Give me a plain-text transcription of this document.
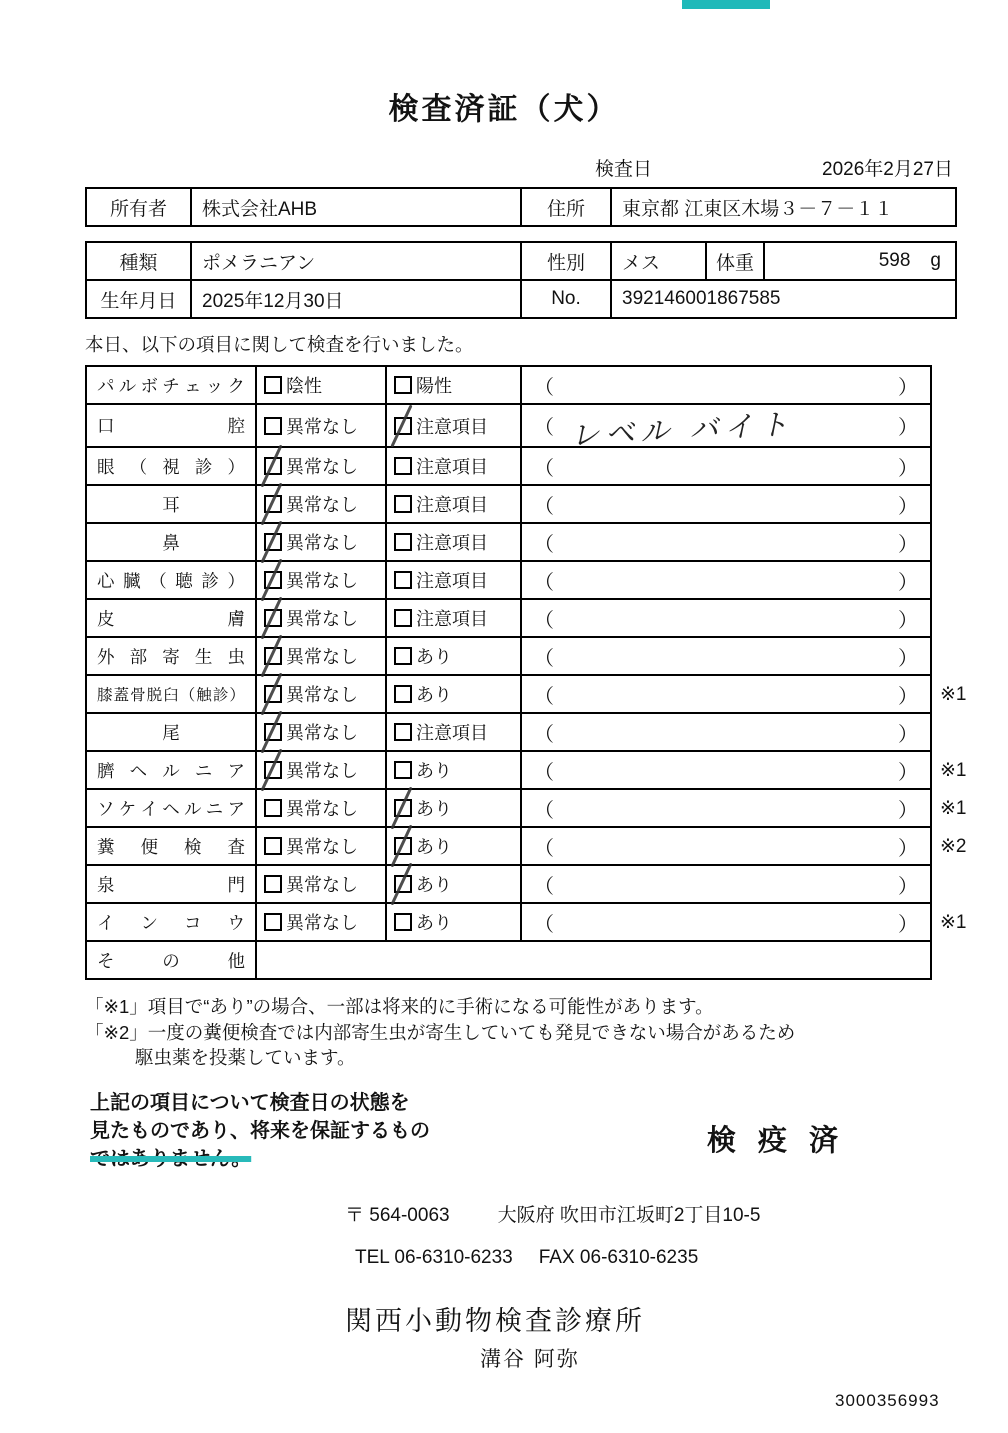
検査済証（犬）
検査日	2026年2月27日
所有者	株式会社AHB	住所	東京都 江東区木場３－７－１１
種類	ポメラニアン	性別	メス	体重	598 g

生年月日	2025年12月30日	No.	392146001867585		

本日、以下の項目に関して検査を行いました。

パ ル ボ チ ェ ッ ク	陰性	陽性	（	）

口 腔	異常なし	注意項目	（ レベル バイト ）	

眼 （ 視 診 ）	異常なし	注意項目	（ ）	

耳	異常なし	注意項目	（ ）	

鼻	異常なし	注意項目	（ ）	

心 臓 （ 聴 診 ）	異常なし	注意項目	（	）

皮 膚	異常なし	注意項目	（ ）	

外 部 寄 生 虫	異常なし	あり	（ ）	

膝 蓋 骨 脱 臼 （ 触 診 ）	異常なし	あり	（	）	※1

尾	異常なし	注意項目	（ ）	

臍 ヘ ル ニ ア	異常なし	あり	（ ）	※1

ソ ケ イ ヘ ル ニ ア	異常なし	あり	（	）	※1

糞 便 検 査	異常なし	あり	（ ）	※2

泉 門	異常なし	あり	（ ）	

イ ン コ ウ	異常なし	あり	（ ）	※1

そ の 他				

「※1」項目で“あり”の場合、一部は将来的に手術になる可能性があります。
「※2」一度の糞便検査では内部寄生虫が寄生していても発見できない場合があるため
駆虫薬を投薬しています。
上記の項目について検査日の状態を
見たものであり、将来を保証するもの
ではありません。
検 疫 済
〒 564-0063	大阪府 吹田市江坂町2丁目10-5
TEL 06-6310-6233 FAX 06-6310-6235
関西小動物検査診療所
溝谷 阿弥
3000356993
